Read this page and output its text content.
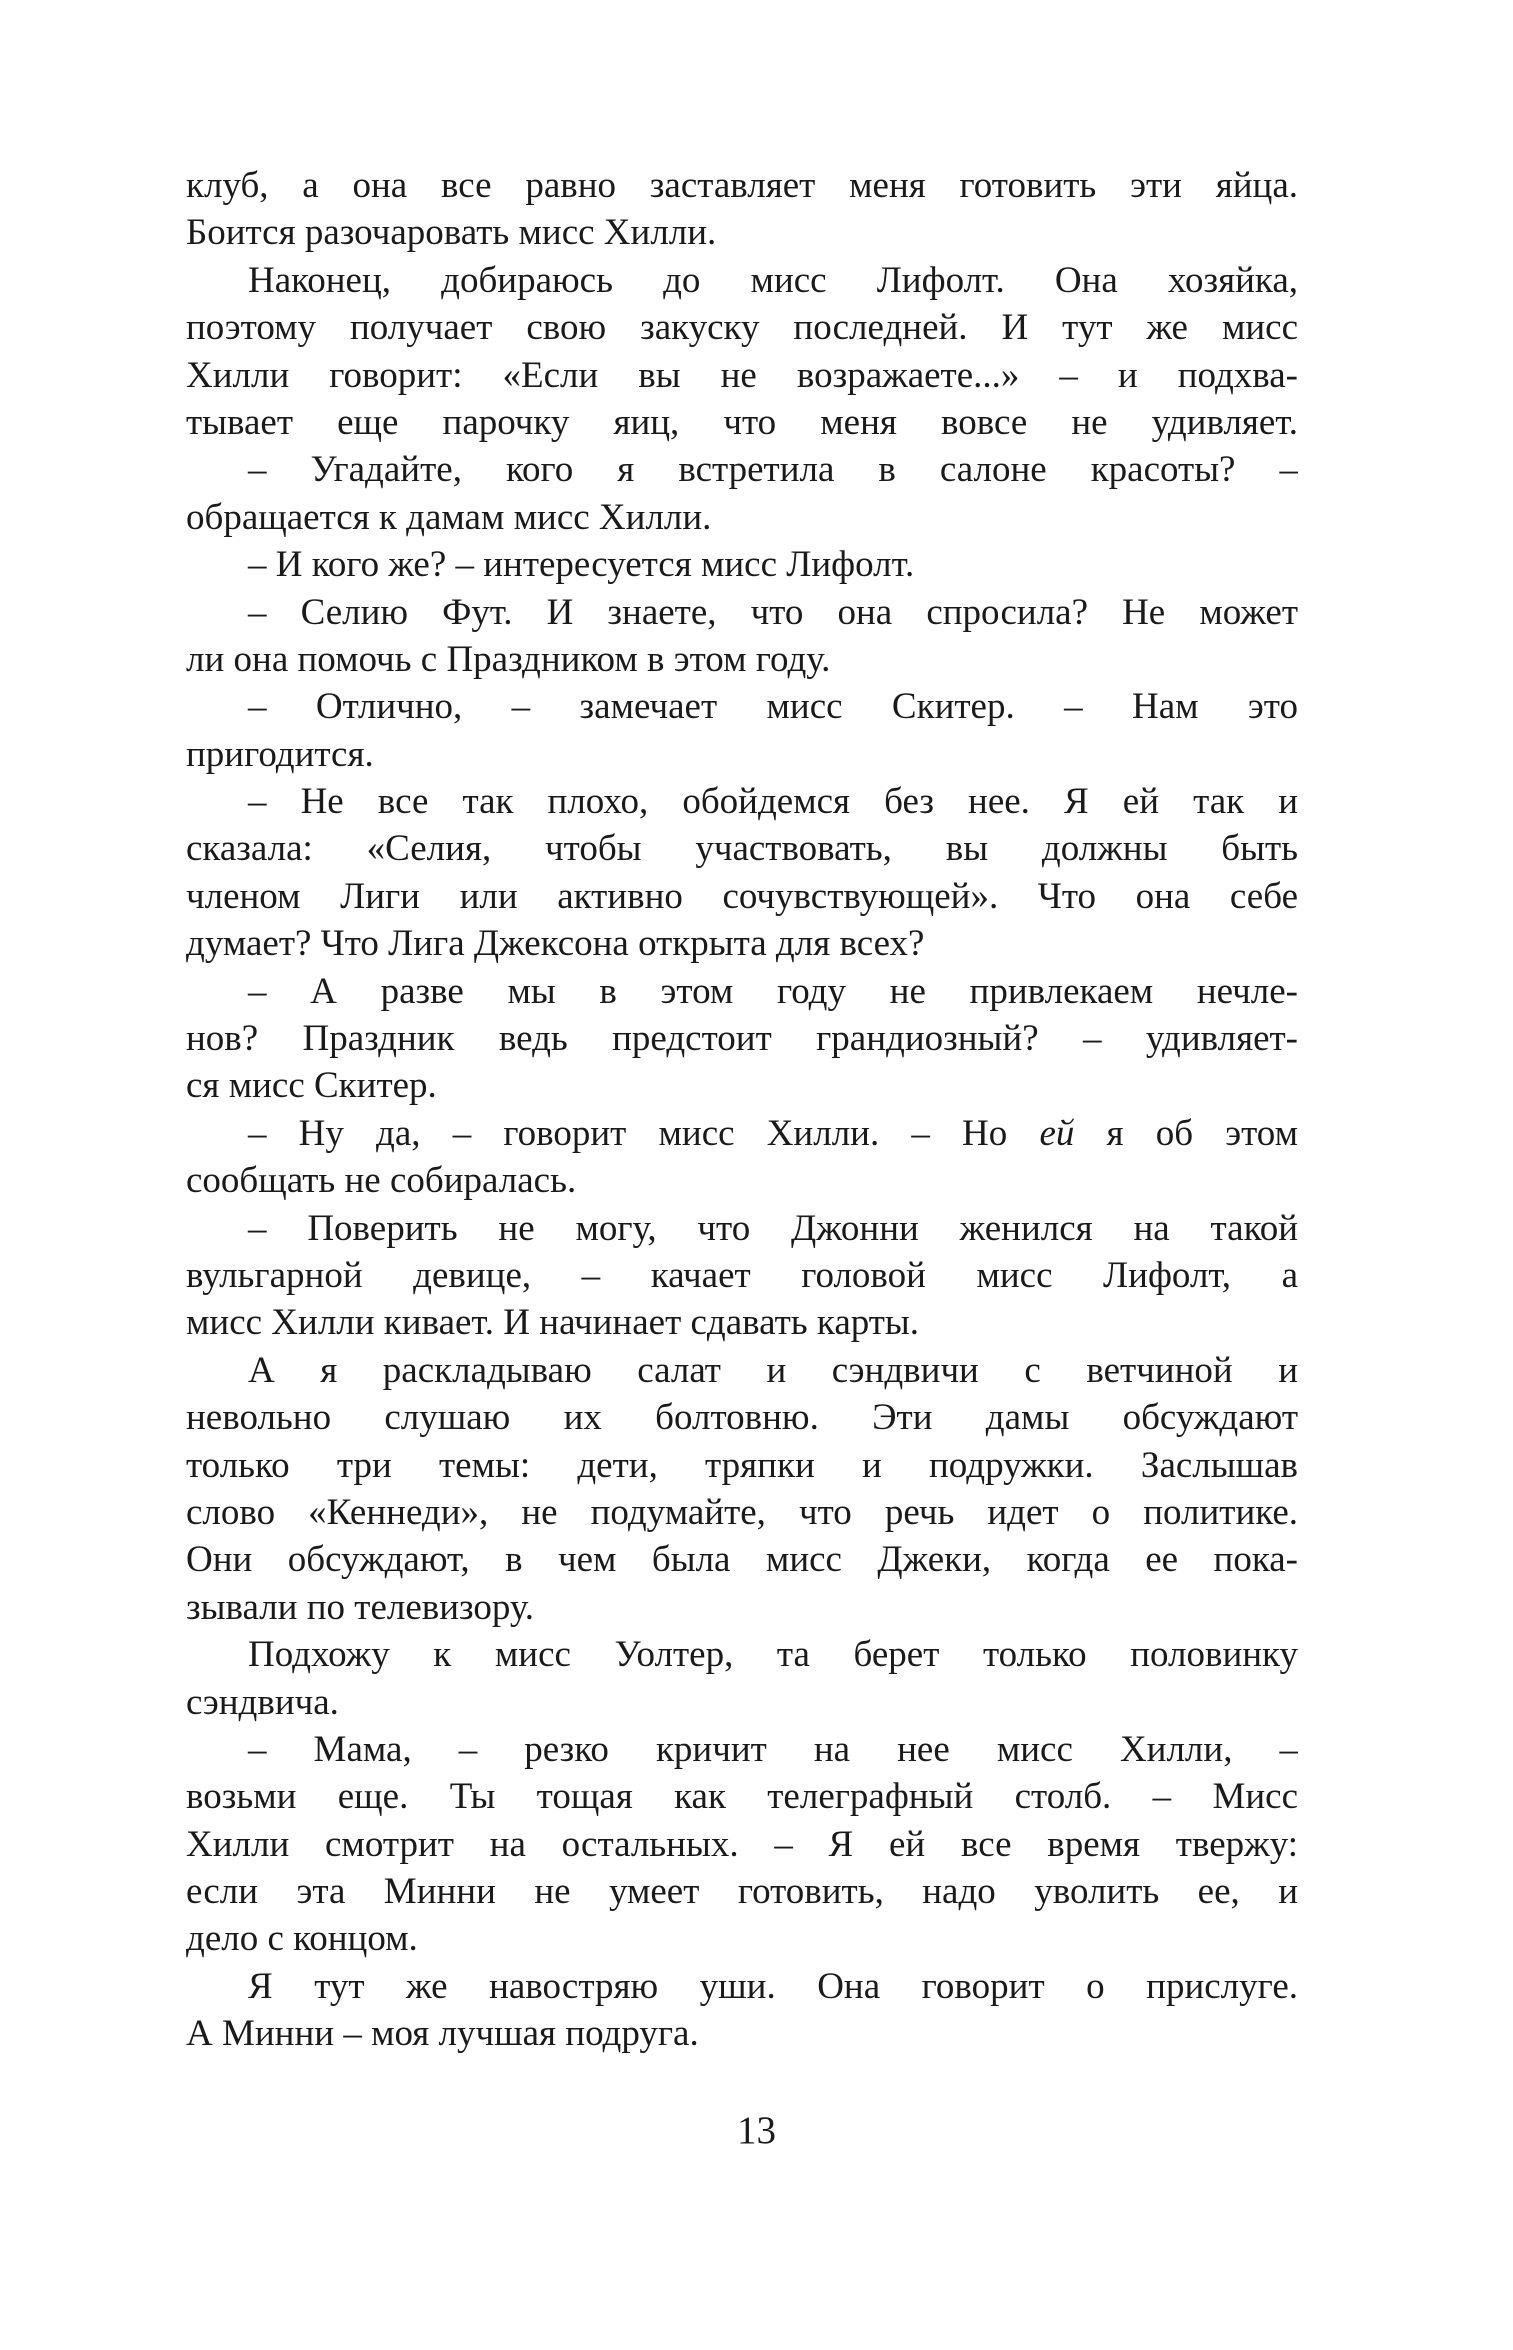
клуб, а она все равно заставляет меня готовить эти яйца.
Боится разочаровать мисс Хилли.
Наконец, добираюсь до мисс Лифолт. Она хозяйка,
поэтому получает свою закуску последней. И тут же мисс
Хилли говорит: «Если вы не возражаете...» – и подхва-
тывает еще парочку яиц, что меня вовсе не удивляет.
– Угадайте, кого я встретила в салоне красоты? –
обращается к дамам мисс Хилли.
– И кого же? – интересуется мисс Лифолт.
– Селию Фут. И знаете, что она спросила? Не может
ли она помочь с Праздником в этом году.
– Отлично, – замечает мисс Скитер. – Нам это
пригодится.
– Не все так плохо, обойдемся без нее. Я ей так и
сказала: «Селия, чтобы участвовать, вы должны быть
членом Лиги или активно сочувствующей». Что она себе
думает? Что Лига Джексона открыта для всех?
– А разве мы в этом году не привлекаем нечле-
нов? Праздник ведь предстоит грандиозный? – удивляет-
ся мисс Скитер.
– Ну да, – говорит мисс Хилли. – Но ей я об этом
сообщать не собиралась.
– Поверить не могу, что Джонни женился на такой
вульгарной девице, – качает головой мисс Лифолт, а
мисс Хилли кивает. И начинает сдавать карты.
А я раскладываю салат и сэндвичи с ветчиной и
невольно слушаю их болтовню. Эти дамы обсуждают
только три темы: дети, тряпки и подружки. Заслышав
слово «Кеннеди», не подумайте, что речь идет о политике.
Они обсуждают, в чем была мисс Джеки, когда ее пока-
зывали по телевизору.
Подхожу к мисс Уолтер, та берет только половинку
сэндвича.
– Мама, – резко кричит на нее мисс Хилли, –
возьми еще. Ты тощая как телеграфный столб. – Мисс
Хилли смотрит на остальных. – Я ей все время твержу:
если эта Минни не умеет готовить, надо уволить ее, и
дело с концом.
Я тут же навостряю уши. Она говорит о прислуге.
А Минни – моя лучшая подруга.
13
